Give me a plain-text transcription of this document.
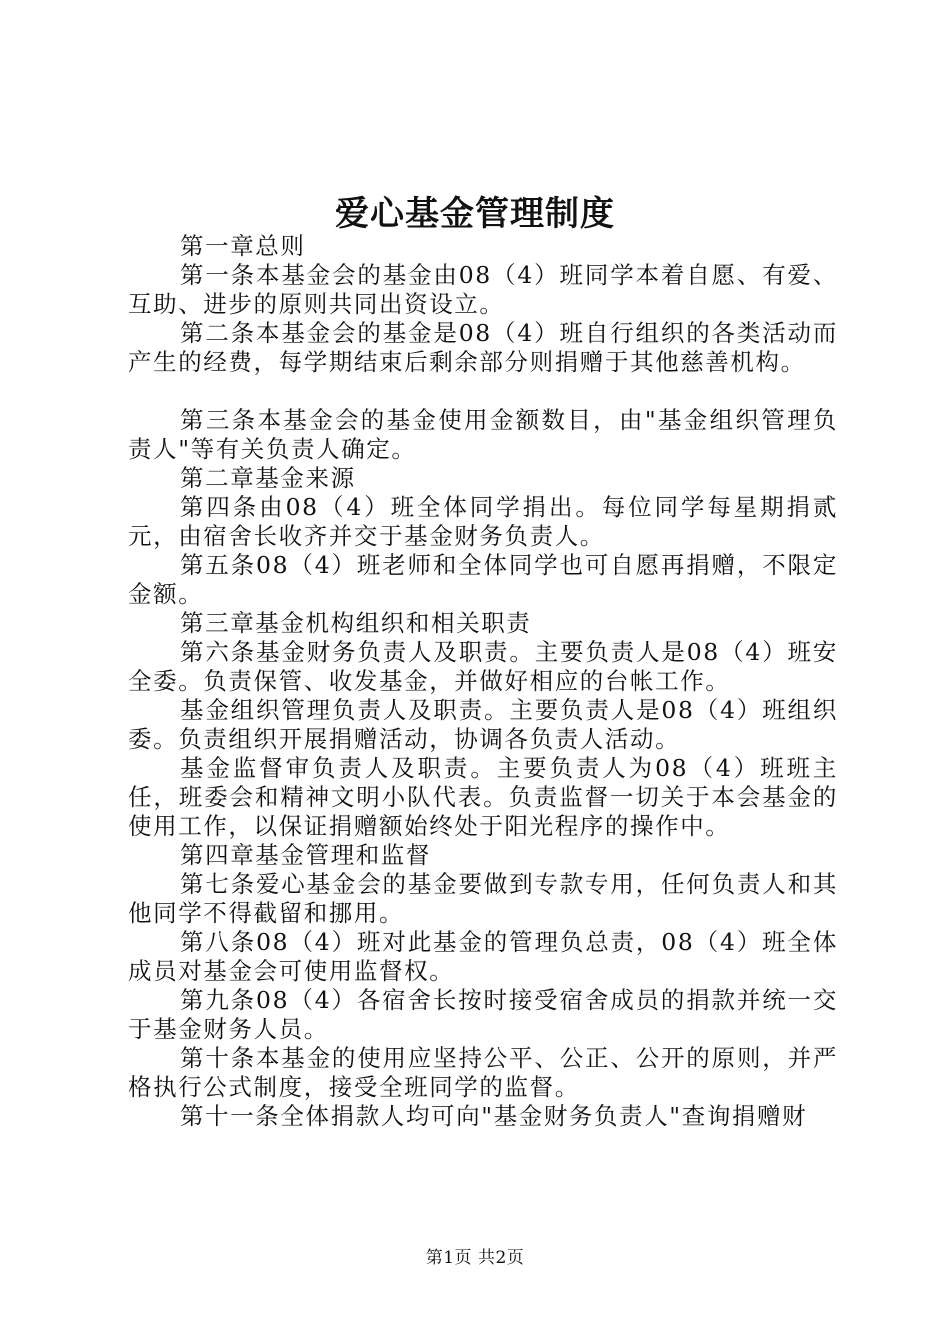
爱心基金管理制度

第一章总则

第一条本基金会的基金由08（4）班同学本着自愿、有爱、互助、进步的原则共同出资设立。

第二条本基金会的基金是08（4）班自行组织的各类活动而产生的经费，每学期结束后剩余部分则捐赠于其他慈善机构。

第三条本基金会的基金使用金额数目，由"基金组织管理负责人"等有关负责人确定。

第二章基金来源

第四条由08（4）班全体同学捐出。每位同学每星期捐贰元，由宿舍长收齐并交于基金财务负责人。

第五条08（4）班老师和全体同学也可自愿再捐赠，不限定金额。

第三章基金机构组织和相关职责

第六条基金财务负责人及职责。主要负责人是08（4）班安全委。负责保管、收发基金，并做好相应的台帐工作。

基金组织管理负责人及职责。主要负责人是08（4）班组织委。负责组织开展捐赠活动，协调各负责人活动。

基金监督审负责人及职责。主要负责人为08（4）班班主任，班委会和精神文明小队代表。负责监督一切关于本会基金的使用工作，以保证捐赠额始终处于阳光程序的操作中。

第四章基金管理和监督

第七条爱心基金会的基金要做到专款专用，任何负责人和其他同学不得截留和挪用。

第八条08（4）班对此基金的管理负总责，08（4）班全体成员对基金会可使用监督权。

第九条08（4）各宿舍长按时接受宿舍成员的捐款并统一交于基金财务人员。

第十条本基金的使用应坚持公平、公正、公开的原则，并严格执行公式制度，接受全班同学的监督。

第十一条全体捐款人均可向"基金财务负责人"查询捐赠财

第1页 共2页
